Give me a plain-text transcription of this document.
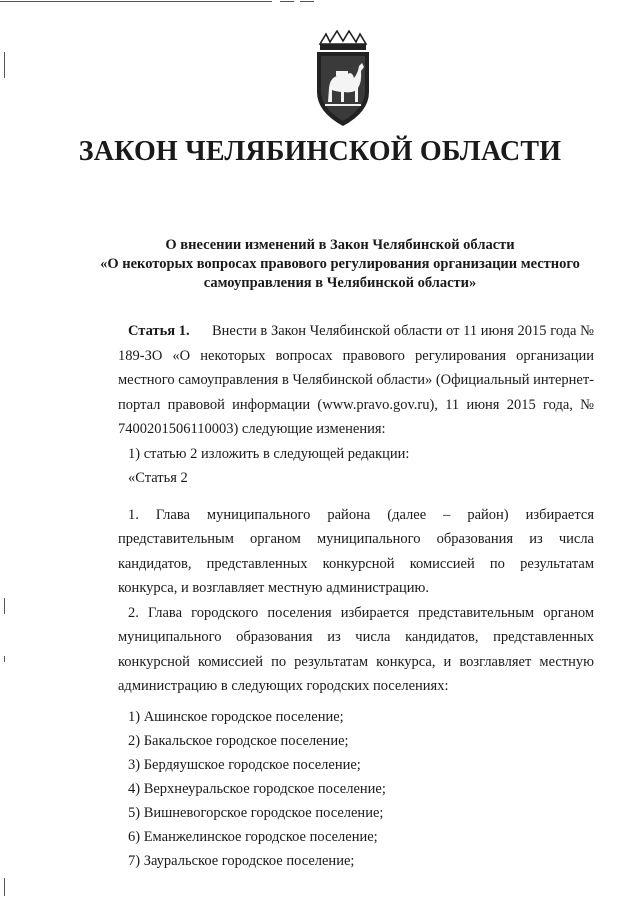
ЗАКОН ЧЕЛЯБИНСКОЙ ОБЛАСТИ
О внесении изменений в Закон Челябинской области
«О некоторых вопросах правового регулирования организации местного
самоуправления в Челябинской области»

Статья 1. Внести в Закон Челябинской области от 11 июня 2015 года № 189-ЗО «О некоторых вопросах правового регулирования организации местного самоуправления в Челябинской области» (Официальный интернет-портал правовой информации (www.pravo.gov.ru), 11 июня 2015 года, № 7400201506110003) следующие изменения:

1) статью 2 изложить в следующей редакции:

«Статья 2

1. Глава муниципального района (далее – район) избирается представительным органом муниципального образования из числа кандидатов, представленных конкурсной комиссией по результатам конкурса, и возглавляет местную администрацию.

2. Глава городского поселения избирается представительным органом муниципального образования из числа кандидатов, представленных конкурсной комиссией по результатам конкурса, и возглавляет местную администрацию в следующих городских поселениях:

1) Ашинское городское поселение;

2) Бакальское городское поселение;

3) Бердяушское городское поселение;

4) Верхнеуральское городское поселение;

5) Вишневогорское городское поселение;

6) Еманжелинское городское поселение;

7) Зауральское городское поселение;
